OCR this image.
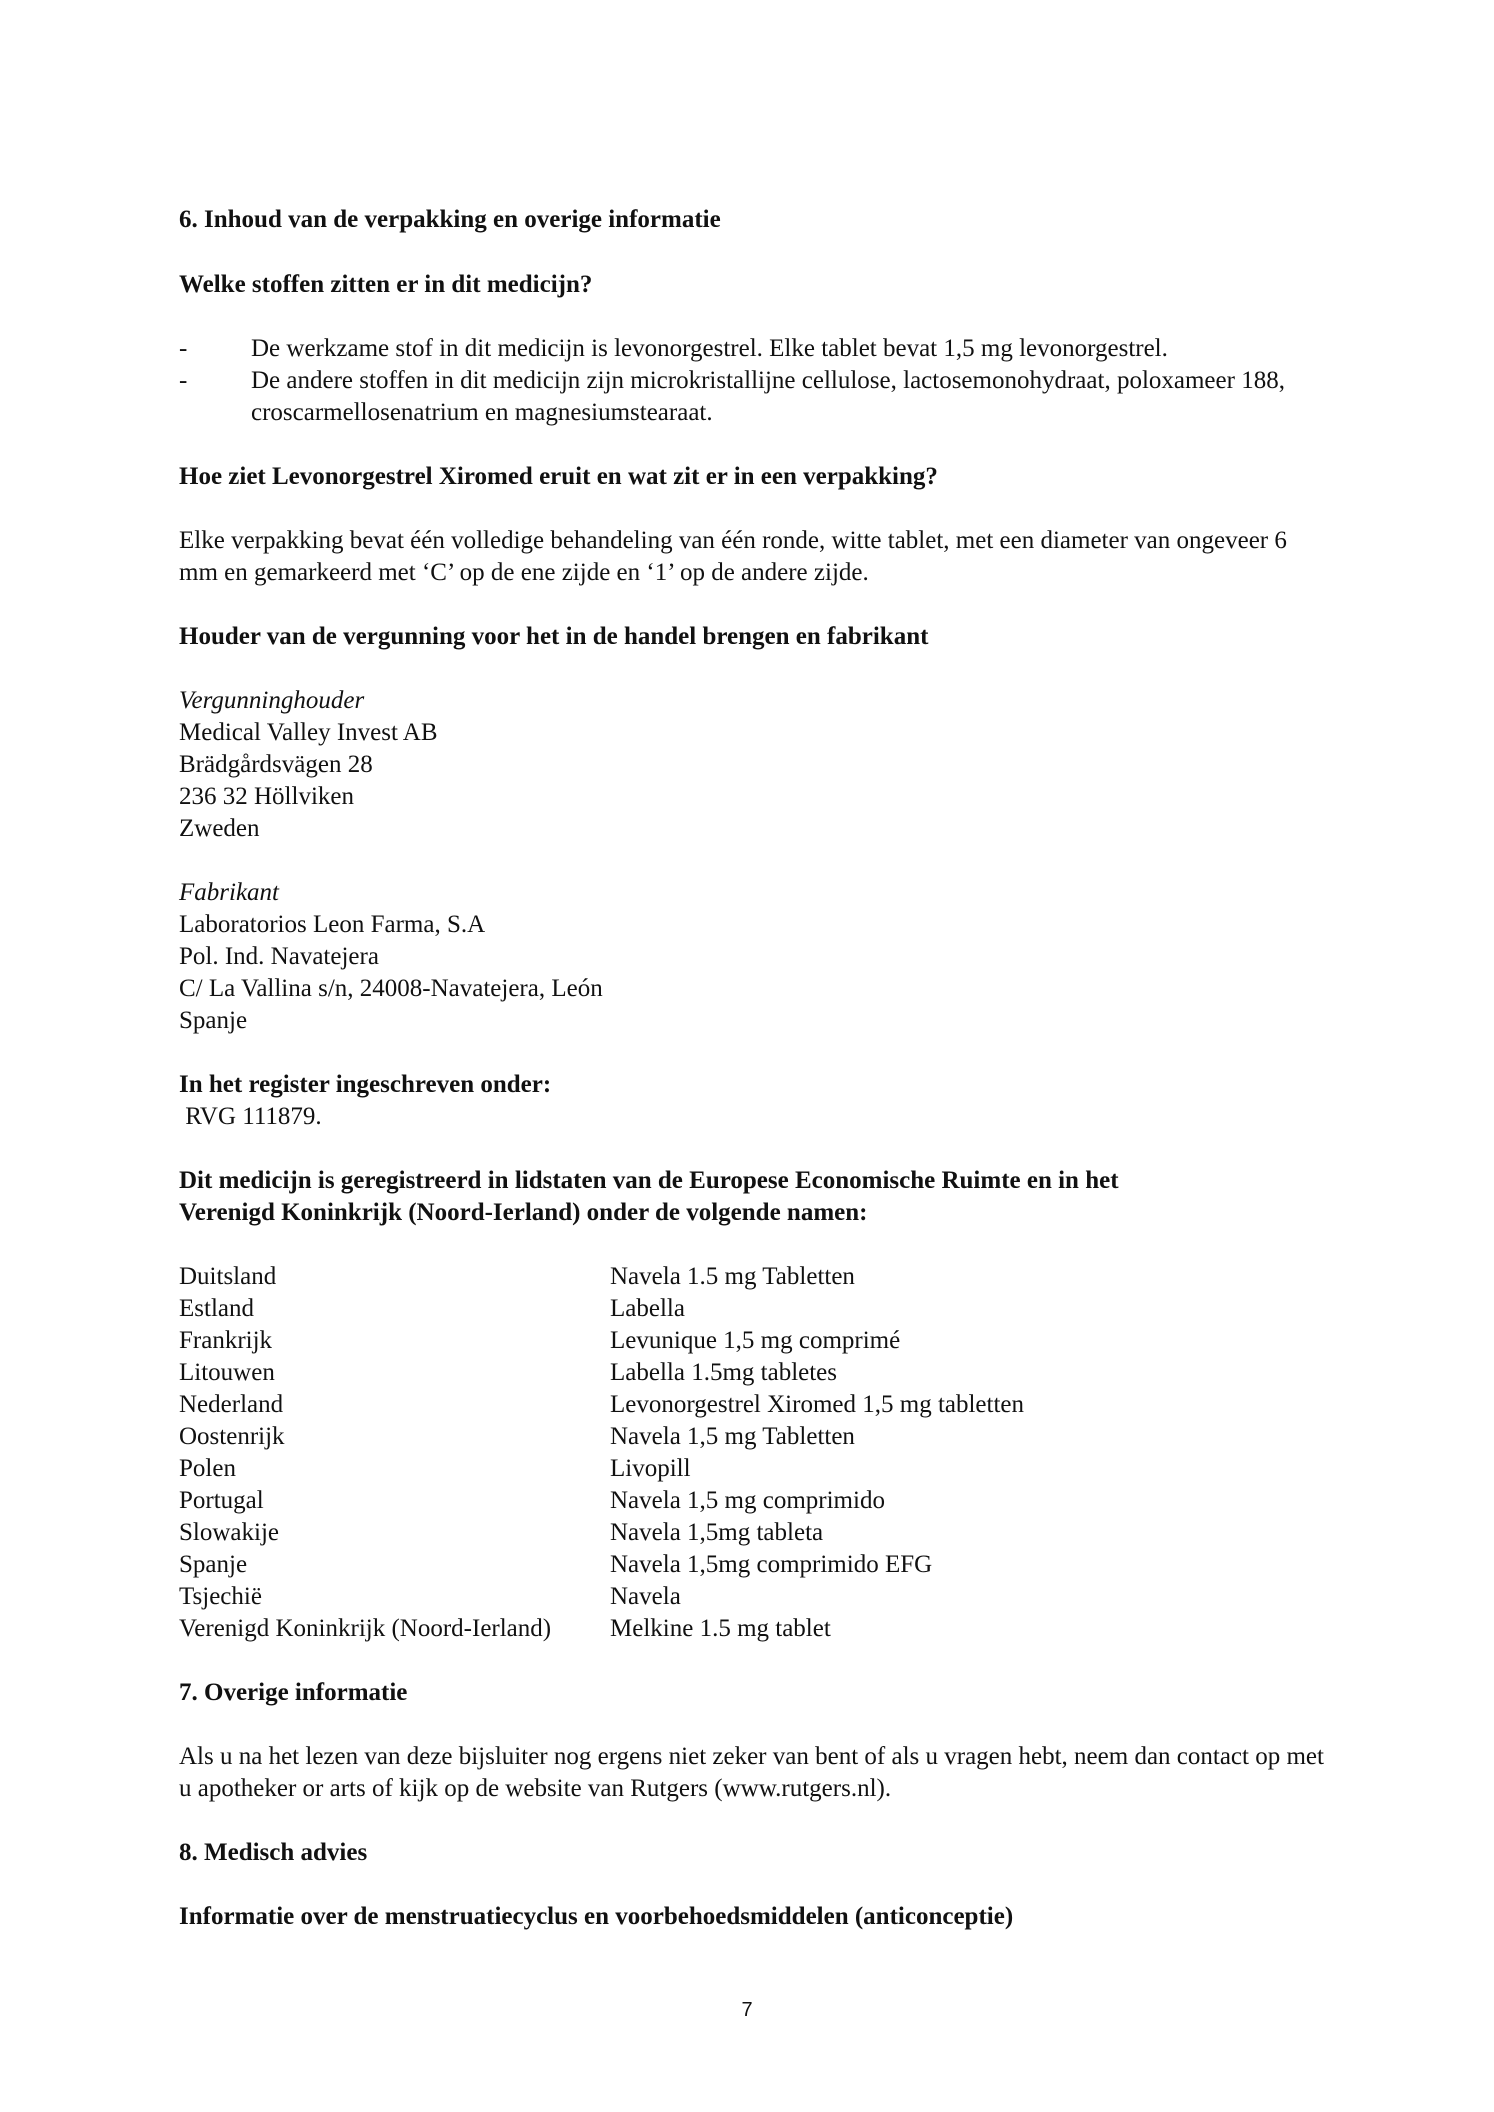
6. Inhoud van de verpakking en overige informatie

Welke stoffen zitten er in dit medicijn?

-	De werkzame stof in dit medicijn is levonorgestrel. Elke tablet bevat 1,5 mg levonorgestrel.
-	De andere stoffen in dit medicijn zijn microkristallijne cellulose, lactosemonohydraat, poloxameer 188, croscarmellosenatrium en magnesiumstearaat.

Hoe ziet Levonorgestrel Xiromed eruit en wat zit er in een verpakking?

Elke verpakking bevat één volledige behandeling van één ronde, witte tablet, met een diameter van ongeveer 6 mm en gemarkeerd met ‘C’ op de ene zijde en ‘1’ op de andere zijde.

Houder van de vergunning voor het in de handel brengen en fabrikant

Vergunninghouder

Medical Valley Invest AB

Brädgårdsvägen 28

236 32 Höllviken

Zweden

Fabrikant

Laboratorios Leon Farma, S.A

Pol. Ind. Navatejera

C/ La Vallina s/n, 24008-Navatejera, León

Spanje

In het register ingeschreven onder:

RVG 111879.

Dit medicijn is geregistreerd in lidstaten van de Europese Economische Ruimte en in het

Verenigd Koninkrijk (Noord-Ierland) onder de volgende namen:

Duitsland	Navela 1.5 mg Tabletten
Estland	Labella
Frankrijk	Levunique 1,5 mg comprimé
Litouwen	Labella 1.5mg tabletes
Nederland	Levonorgestrel Xiromed 1,5 mg tabletten
Oostenrijk	Navela 1,5 mg Tabletten
Polen	Livopill
Portugal	Navela 1,5 mg comprimido
Slowakije	Navela 1,5mg tableta
Spanje	Navela 1,5mg comprimido EFG
Tsjechië	Navela
Verenigd Koninkrijk (Noord-Ierland)	Melkine 1.5 mg tablet

7. Overige informatie

Als u na het lezen van deze bijsluiter nog ergens niet zeker van bent of als u vragen hebt, neem dan contact op met u apotheker or arts of kijk op de website van Rutgers (www.rutgers.nl).

8. Medisch advies

Informatie over de menstruatiecyclus en voorbehoedsmiddelen (anticonceptie)

7
